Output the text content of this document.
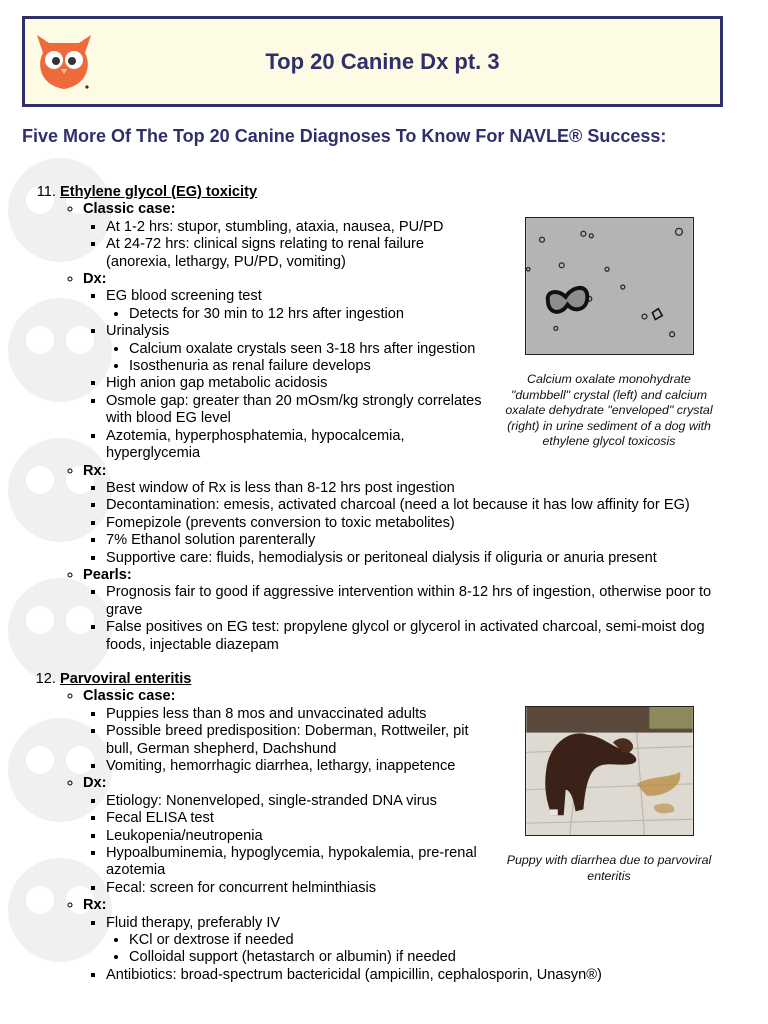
Top 20 Canine Dx pt. 3
Five More Of The Top 20 Canine Diagnoses To Know For NAVLE® Success:
Calcium oxalate monohydrate "dumbbell" crystal (left) and calcium oxalate dehydrate "enveloped" crystal (right) in urine sediment of a dog with ethylene glycol toxicosis
Puppy with diarrhea due to parvoviral enteritis
11. Ethylene glycol (EG) toxicity
◦ Classic case:
▪ At 1-2 hrs: stupor, stumbling, ataxia, nausea, PU/PD
▪ At 24-72 hrs: clinical signs relating to renal failure (anorexia, lethargy, PU/PD, vomiting)
◦ Dx:
▪ EG blood screening test
• Detects for 30 min to 12 hrs after ingestion
▪ Urinalysis
• Calcium oxalate crystals seen 3-18 hrs after ingestion
• Isosthenuria as renal failure develops
▪ High anion gap metabolic acidosis
▪ Osmole gap: greater than 20 mOsm/kg strongly correlates with blood EG level
▪ Azotemia, hyperphosphatemia, hypocalcemia, hyperglycemia
◦ Rx:
▪ Best window of Rx is less than 8-12 hrs post ingestion
▪ Decontamination: emesis, activated charcoal (need a lot because it has low affinity for EG)
▪ Fomepizole (prevents conversion to toxic metabolites)
▪ 7% Ethanol solution parenterally
▪ Supportive care: fluids, hemodialysis or peritoneal dialysis if oliguria or anuria present
◦ Pearls:
▪ Prognosis fair to good if aggressive intervention within 8-12 hrs of ingestion, otherwise poor to grave
▪ False positives on EG test: propylene glycol or glycerol in activated charcoal, semi-moist dog foods, injectable diazepam
12. Parvoviral enteritis
◦ Classic case:
▪ Puppies less than 8 mos and unvaccinated adults
▪ Possible breed predisposition: Doberman, Rottweiler, pit bull, German shepherd, Dachshund
▪ Vomiting, hemorrhagic diarrhea, lethargy, inappetence
◦ Dx:
▪ Etiology: Nonenveloped, single-stranded DNA virus
▪ Fecal ELISA test
▪ Leukopenia/neutropenia
▪ Hypoalbuminemia, hypoglycemia, hypokalemia, pre-renal azotemia
▪ Fecal: screen for concurrent helminthiasis
◦ Rx:
▪ Fluid therapy, preferably IV
• KCl or dextrose if needed
• Colloidal support (hetastarch or albumin) if needed
▪ Antibiotics: broad-spectrum bactericidal (ampicillin, cephalosporin, Unasyn®)
